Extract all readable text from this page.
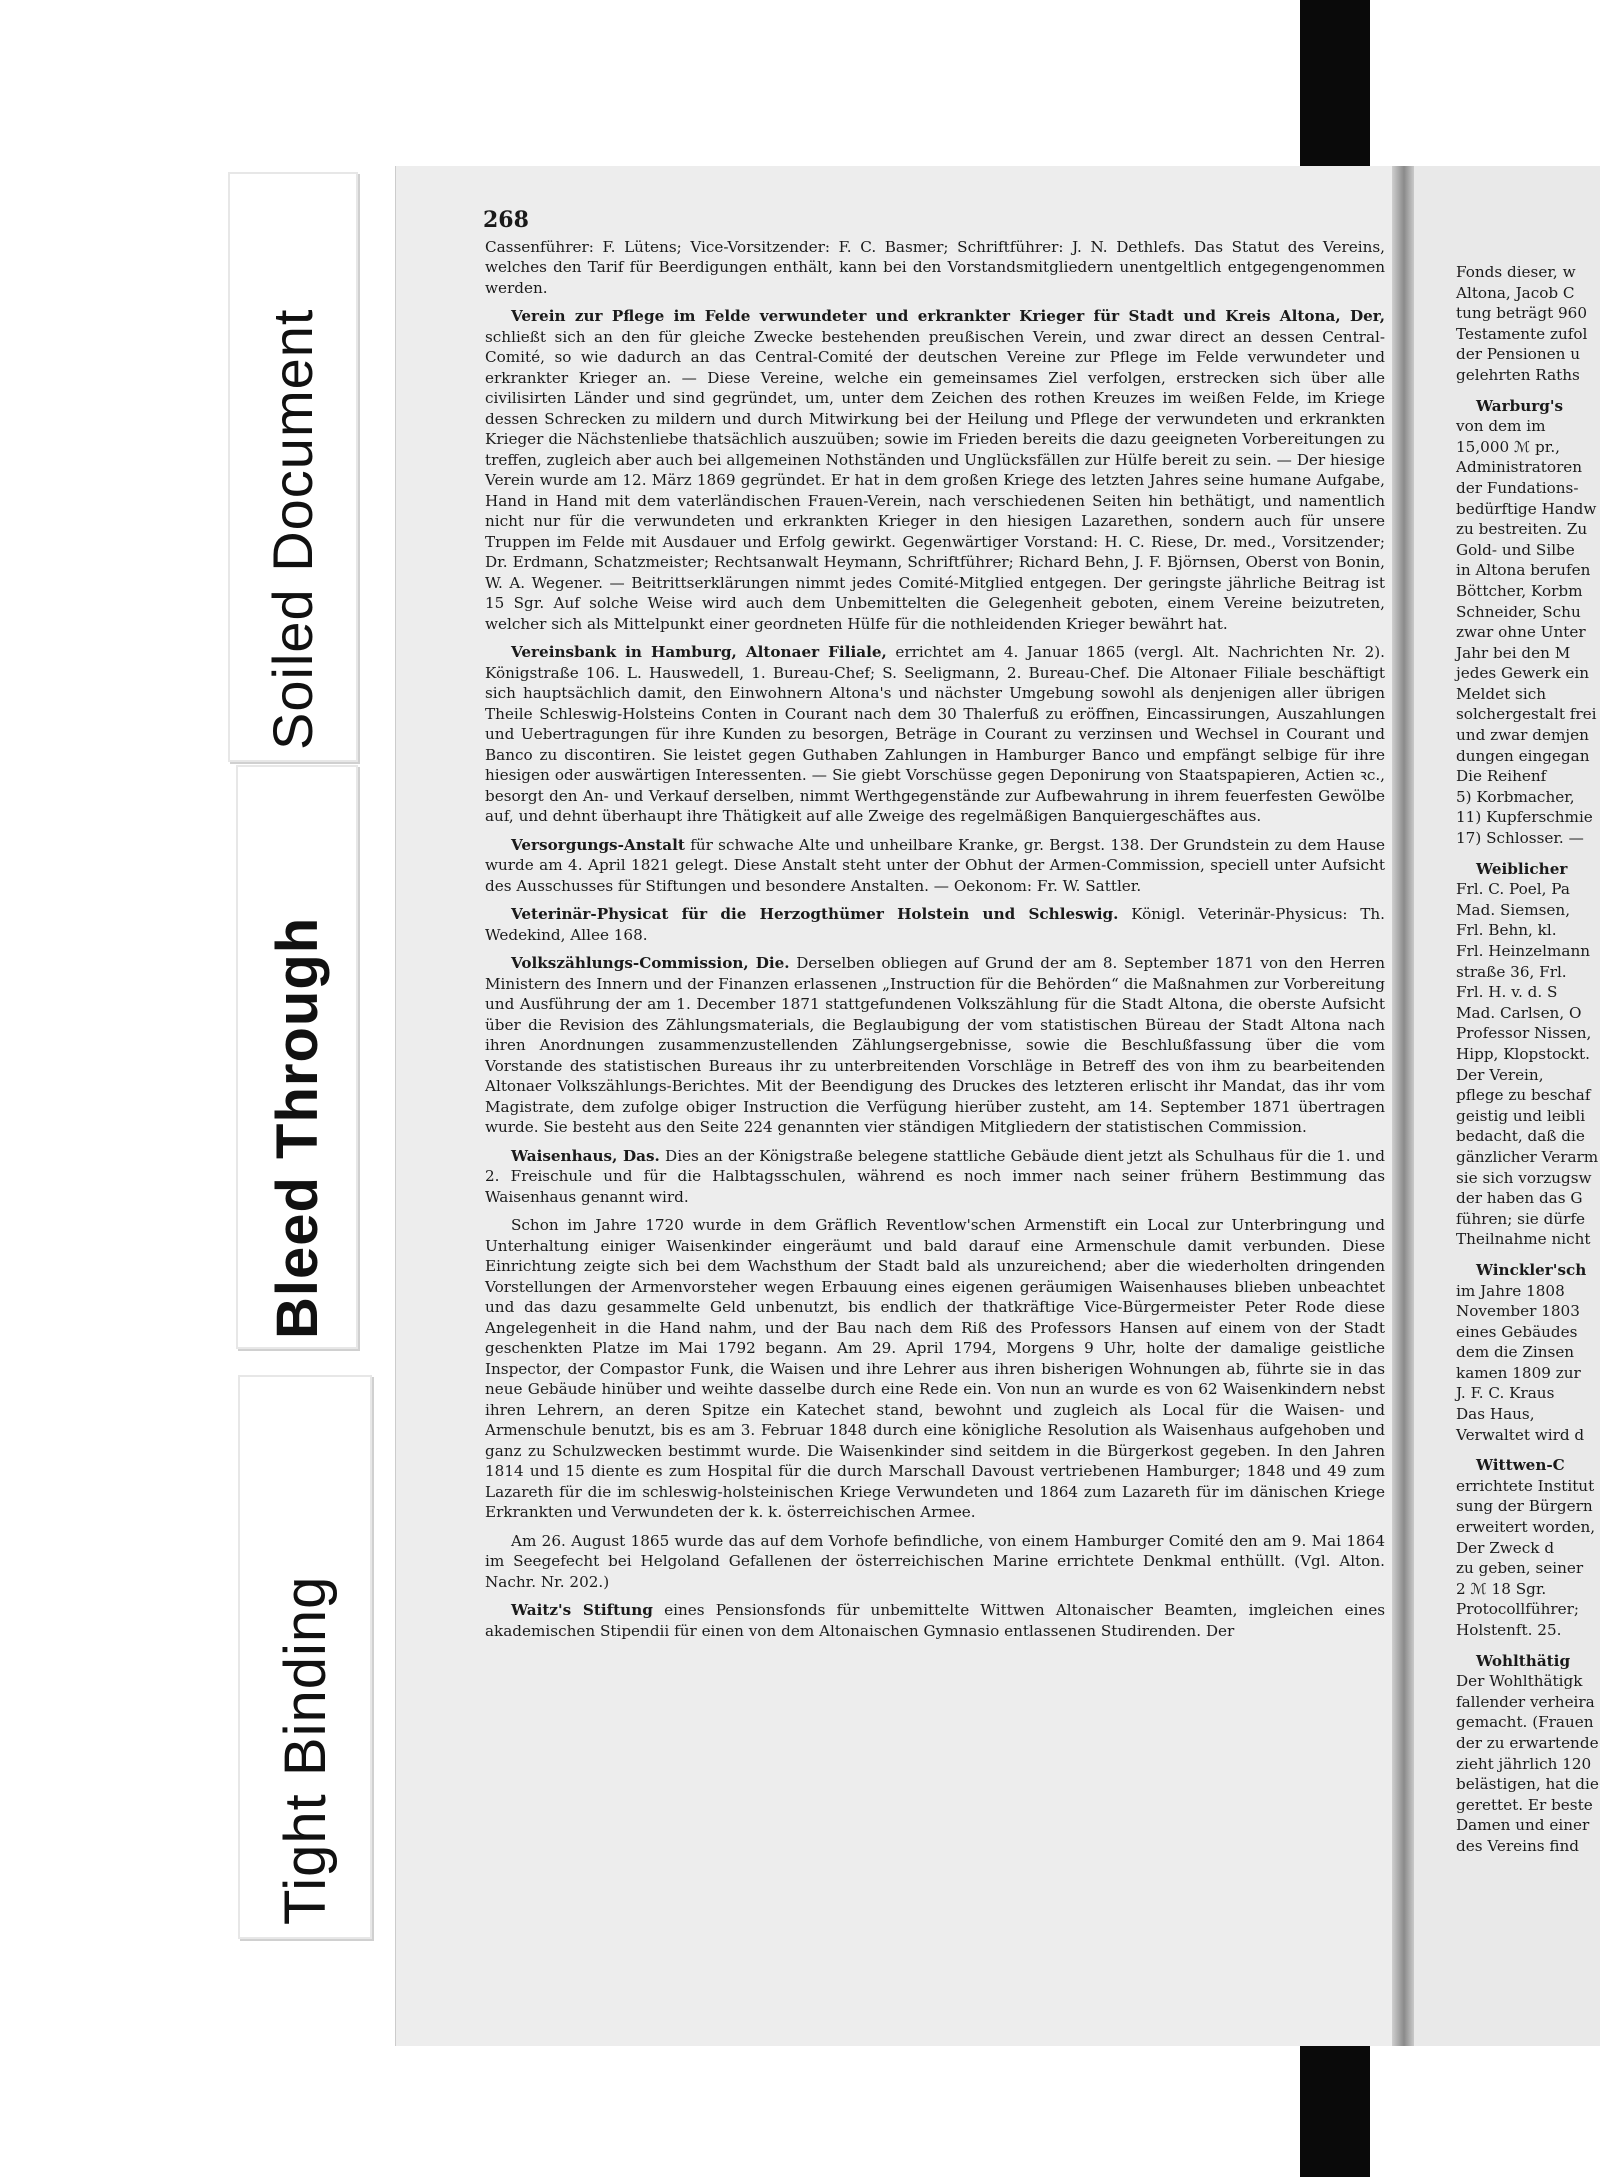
Soiled Document
Bleed Through
Tight Binding
268

Cassenführer: F. Lütens; Vice-Vorsitzender: F. C. Basmer; Schriftführer: J. N. Dethlefs. Das Statut des Vereins, welches den Tarif für Beerdigungen enthält, kann bei den Vorstandsmitgliedern unentgeltlich entgegengenommen werden.

Verein zur Pflege im Felde verwundeter und erkrankter Krieger für Stadt und Kreis Altona, Der, schließt sich an den für gleiche Zwecke bestehenden preußischen Verein, und zwar direct an dessen Central-Comité, so wie dadurch an das Central-Comité der deutschen Vereine zur Pflege im Felde verwundeter und erkrankter Krieger an. — Diese Vereine, welche ein gemeinsames Ziel verfolgen, erstrecken sich über alle civilisirten Länder und sind gegründet, um, unter dem Zeichen des rothen Kreuzes im weißen Felde, im Kriege dessen Schrecken zu mildern und durch Mitwirkung bei der Heilung und Pflege der verwundeten und erkrankten Krieger die Nächstenliebe thatsächlich auszuüben; sowie im Frieden bereits die dazu geeigneten Vorbereitungen zu treffen, zugleich aber auch bei allgemeinen Nothständen und Unglücksfällen zur Hülfe bereit zu sein. — Der hiesige Verein wurde am 12. März 1869 gegründet. Er hat in dem großen Kriege des letzten Jahres seine humane Aufgabe, Hand in Hand mit dem vaterländischen Frauen-Verein, nach verschiedenen Seiten hin bethätigt, und namentlich nicht nur für die verwundeten und erkrankten Krieger in den hiesigen Lazarethen, sondern auch für unsere Truppen im Felde mit Ausdauer und Erfolg gewirkt. Gegenwärtiger Vorstand: H. C. Riese, Dr. med., Vorsitzender; Dr. Erdmann, Schatzmeister; Rechtsanwalt Heymann, Schriftführer; Richard Behn, J. F. Björnsen, Oberst von Bonin, W. A. Wegener. — Beitrittserklärungen nimmt jedes Comité-Mitglied entgegen. Der geringste jährliche Beitrag ist 15 Sgr. Auf solche Weise wird auch dem Unbemittelten die Gelegenheit geboten, einem Vereine beizutreten, welcher sich als Mittelpunkt einer geordneten Hülfe für die nothleidenden Krieger bewährt hat.

Vereinsbank in Hamburg, Altonaer Filiale, errichtet am 4. Januar 1865 (vergl. Alt. Nachrichten Nr. 2). Königstraße 106. L. Hauswedell, 1. Bureau-Chef; S. Seeligmann, 2. Bureau-Chef. Die Altonaer Filiale beschäftigt sich hauptsächlich damit, den Einwohnern Altona's und nächster Umgebung sowohl als denjenigen aller übrigen Theile Schleswig-Holsteins Conten in Courant nach dem 30 Thalerfuß zu eröffnen, Eincassirungen, Auszahlungen und Uebertragungen für ihre Kunden zu besorgen, Beträge in Courant zu verzinsen und Wechsel in Courant und Banco zu discontiren. Sie leistet gegen Guthaben Zahlungen in Hamburger Banco und empfängt selbige für ihre hiesigen oder auswärtigen Interessenten. — Sie giebt Vorschüsse gegen Deponirung von Staatspapieren, Actien ꝛc., besorgt den An- und Verkauf derselben, nimmt Werthgegenstände zur Aufbewahrung in ihrem feuerfesten Gewölbe auf, und dehnt überhaupt ihre Thätigkeit auf alle Zweige des regelmäßigen Banquiergeschäftes aus.

Versorgungs-Anstalt für schwache Alte und unheilbare Kranke, gr. Bergst. 138. Der Grundstein zu dem Hause wurde am 4. April 1821 gelegt. Diese Anstalt steht unter der Obhut der Armen-Commission, speciell unter Aufsicht des Ausschusses für Stiftungen und besondere Anstalten. — Oekonom: Fr. W. Sattler.

Veterinär-Physicat für die Herzogthümer Holstein und Schleswig. Königl. Veterinär-Physicus: Th. Wedekind, Allee 168.

Volkszählungs-Commission, Die. Derselben obliegen auf Grund der am 8. September 1871 von den Herren Ministern des Innern und der Finanzen erlassenen „Instruction für die Behörden“ die Maßnahmen zur Vorbereitung und Ausführung der am 1. December 1871 stattgefundenen Volkszählung für die Stadt Altona, die oberste Aufsicht über die Revision des Zählungsmaterials, die Beglaubigung der vom statistischen Büreau der Stadt Altona nach ihren Anordnungen zusammenzustellenden Zählungsergebnisse, sowie die Beschlußfassung über die vom Vorstande des statistischen Bureaus ihr zu unterbreitenden Vorschläge in Betreff des von ihm zu bearbeitenden Altonaer Volkszählungs-Berichtes. Mit der Beendigung des Druckes des letzteren erlischt ihr Mandat, das ihr vom Magistrate, dem zufolge obiger Instruction die Verfügung hierüber zusteht, am 14. September 1871 übertragen wurde. Sie besteht aus den Seite 224 genannten vier ständigen Mitgliedern der statistischen Commission.

Waisenhaus, Das. Dies an der Königstraße belegene stattliche Gebäude dient jetzt als Schulhaus für die 1. und 2. Freischule und für die Halbtagsschulen, während es noch immer nach seiner frühern Bestimmung das Waisenhaus genannt wird.

Schon im Jahre 1720 wurde in dem Gräflich Reventlow'schen Armenstift ein Local zur Unterbringung und Unterhaltung einiger Waisenkinder eingeräumt und bald darauf eine Armenschule damit verbunden. Diese Einrichtung zeigte sich bei dem Wachsthum der Stadt bald als unzureichend; aber die wiederholten dringenden Vorstellungen der Armenvorsteher wegen Erbauung eines eigenen geräumigen Waisenhauses blieben unbeachtet und das dazu gesammelte Geld unbenutzt, bis endlich der thatkräftige Vice-Bürgermeister Peter Rode diese Angelegenheit in die Hand nahm, und der Bau nach dem Riß des Professors Hansen auf einem von der Stadt geschenkten Platze im Mai 1792 begann. Am 29. April 1794, Morgens 9 Uhr, holte der damalige geistliche Inspector, der Compastor Funk, die Waisen und ihre Lehrer aus ihren bisherigen Wohnungen ab, führte sie in das neue Gebäude hinüber und weihte dasselbe durch eine Rede ein. Von nun an wurde es von 62 Waisenkindern nebst ihren Lehrern, an deren Spitze ein Katechet stand, bewohnt und zugleich als Local für die Waisen- und Armenschule benutzt, bis es am 3. Februar 1848 durch eine königliche Resolution als Waisenhaus aufgehoben und ganz zu Schulzwecken bestimmt wurde. Die Waisenkinder sind seitdem in die Bürgerkost gegeben. In den Jahren 1814 und 15 diente es zum Hospital für die durch Marschall Davoust vertriebenen Hamburger; 1848 und 49 zum Lazareth für die im schleswig-holsteinischen Kriege Verwundeten und 1864 zum Lazareth für im dänischen Kriege Erkrankten und Verwundeten der k. k. österreichischen Armee.

Am 26. August 1865 wurde das auf dem Vorhofe befindliche, von einem Hamburger Comité den am 9. Mai 1864 im Seegefecht bei Helgoland Gefallenen der österreichischen Marine errichtete Denkmal enthüllt. (Vgl. Alton. Nachr. Nr. 202.)

Waitz's Stiftung eines Pensionsfonds für unbemittelte Wittwen Altonaischer Beamten, imgleichen eines akademischen Stipendii für einen von dem Altonaischen Gymnasio entlassenen Studirenden. Der

Fonds dieser, w
Altona, Jacob C
tung beträgt 960
Testamente zufol
der Pensionen u
gelehrten Raths
Warburg's
von dem im
15,000 ℳ pr.,
Administratoren
der Fundations-
bedürftige Handw
zu bestreiten. Zu
Gold- und Silbe
in Altona berufen
Böttcher, Korbm
Schneider, Schu
zwar ohne Unter
Jahr bei den M
jedes Gewerk ein
Meldet sich
solchergestalt frei
und zwar demjen
dungen eingegan
Die Reihenf
5) Korbmacher,
11) Kupferschmie
17) Schlosser. —
Weiblicher
Frl. C. Poel, Pa
Mad. Siemsen,
Frl. Behn, kl.
Frl. Heinzelmann
straße 36, Frl.
Frl. H. v. d. S
Mad. Carlsen, O
Professor Nissen,
Hipp, Klopstockt.
Der Verein,
pflege zu beschaf
geistig und leibli
bedacht, daß die
gänzlicher Verarm
sie sich vorzugsw
der haben das G
führen; sie dürfe
Theilnahme nicht
Winckler'sch
im Jahre 1808
November 1803
eines Gebäudes
dem die Zinsen
kamen 1809 zur
J. F. C. Kraus
Das Haus,
Verwaltet wird d
Wittwen-C
errichtete Institut
sung der Bürgern
erweitert worden,
Der Zweck d
zu geben, seiner
2 ℳ 18 Sgr.
Protocollführer;
Holstenft. 25.
Wohlthätig
Der Wohlthätigk
fallender verheira
gemacht. (Frauen
der zu erwartende
zieht jährlich 120
belästigen, hat die
gerettet. Er beste
Damen und einer
des Vereins find
